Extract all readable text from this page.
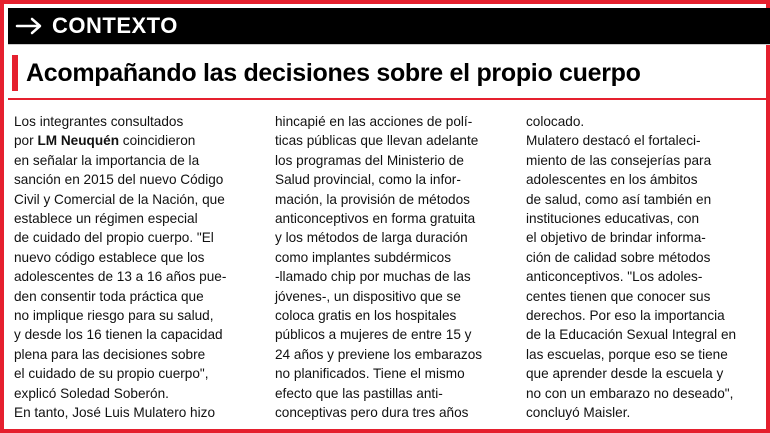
CONTEXTO
Acompañando las decisiones sobre el propio cuerpo
Los integrantes consultados
por LM Neuquén coincidieron
en señalar la importancia de la
sanción en 2015 del nuevo Código
Civil y Comercial de la Nación, que
establece un régimen especial
de cuidado del propio cuerpo. "El
nuevo código establece que los
adolescentes de 13 a 16 años pue-
den consentir toda práctica que
no implique riesgo para su salud,
y desde los 16 tienen la capacidad
plena para las decisiones sobre
el cuidado de su propio cuerpo",
explicó Soledad Soberón.
En tanto, José Luis Mulatero hizo
hincapié en las acciones de polí-
ticas públicas que llevan adelante
los programas del Ministerio de
Salud provincial, como la infor-
mación, la provisión de métodos
anticonceptivos en forma gratuita
y los métodos de larga duración
como implantes subdérmicos
-llamado chip por muchas de las
jóvenes-, un dispositivo que se
coloca gratis en los hospitales
públicos a mujeres de entre 15 y
24 años y previene los embarazos
no planificados. Tiene el mismo
efecto que las pastillas anti-
conceptivas pero dura tres años
colocado.
Mulatero destacó el fortaleci-
miento de las consejerías para
adolescentes en los ámbitos
de salud, como así también en
instituciones educativas, con
el objetivo de brindar informa-
ción de calidad sobre métodos
anticonceptivos. "Los adoles-
centes tienen que conocer sus
derechos. Por eso la importancia
de la Educación Sexual Integral en
las escuelas, porque eso se tiene
que aprender desde la escuela y
no con un embarazo no deseado",
concluyó Maisler.
